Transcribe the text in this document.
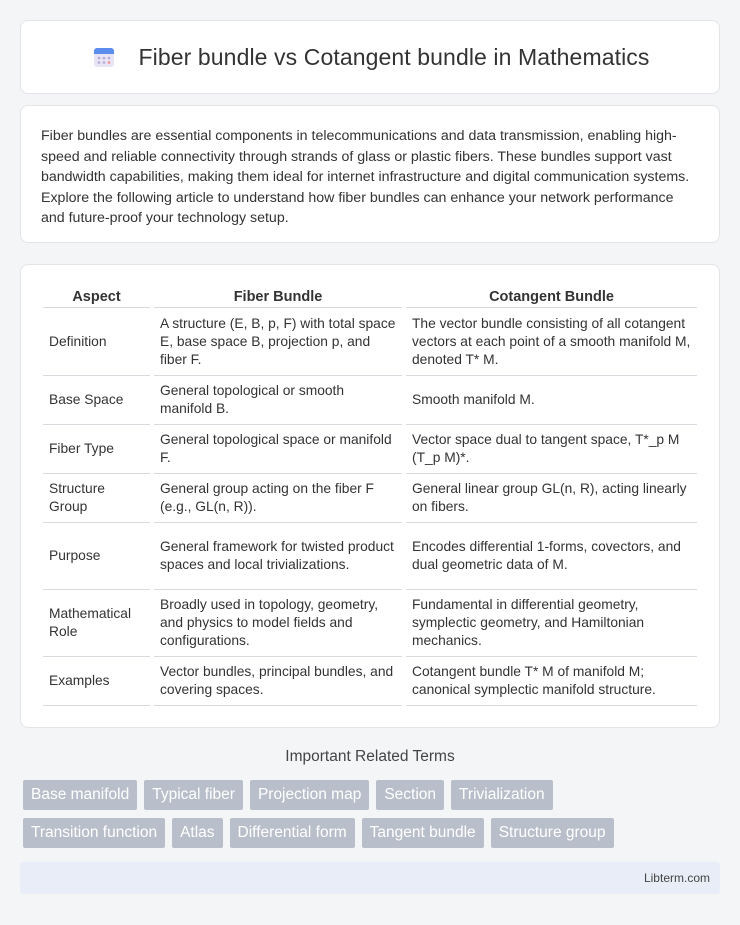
Fiber bundle vs Cotangent bundle in Mathematics

Fiber bundles are essential components in telecommunications and data transmission, enabling high-speed and reliable connectivity through strands of glass or plastic fibers. These bundles support vast bandwidth capabilities, making them ideal for internet infrastructure and digital communication systems. Explore the following article to understand how fiber bundles can enhance your network performance and future-proof your technology setup.

Aspect	Fiber Bundle	Cotangent Bundle
Definition	A structure (E, B, p, F) with total space E, base space B, projection p, and fiber F.	The vector bundle consisting of all cotangent vectors at each point of a smooth manifold M, denoted T* M.
Base Space	General topological or smooth manifold B.	Smooth manifold M.
Fiber Type	General topological space or manifold F.	Vector space dual to tangent space, T*_p M (T_p M)*.
Structure Group	General group acting on the fiber F (e.g., GL(n, R)).	General linear group GL(n, R), acting linearly on fibers.
Purpose	General framework for twisted product spaces and local trivializations.	Encodes differential 1-forms, covectors, and dual geometric data of M.
Mathematical Role	Broadly used in topology, geometry, and physics to model fields and configurations.	Fundamental in differential geometry, symplectic geometry, and Hamiltonian mechanics.
Examples	Vector bundles, principal bundles, and covering spaces.	Cotangent bundle T* M of manifold M; canonical symplectic manifold structure.
Important Related Terms
Base manifold	Typical fiber	Projection map	Section	Trivialization
Transition function	Atlas	Differential form	Tangent bundle	Structure group
Libterm.com
